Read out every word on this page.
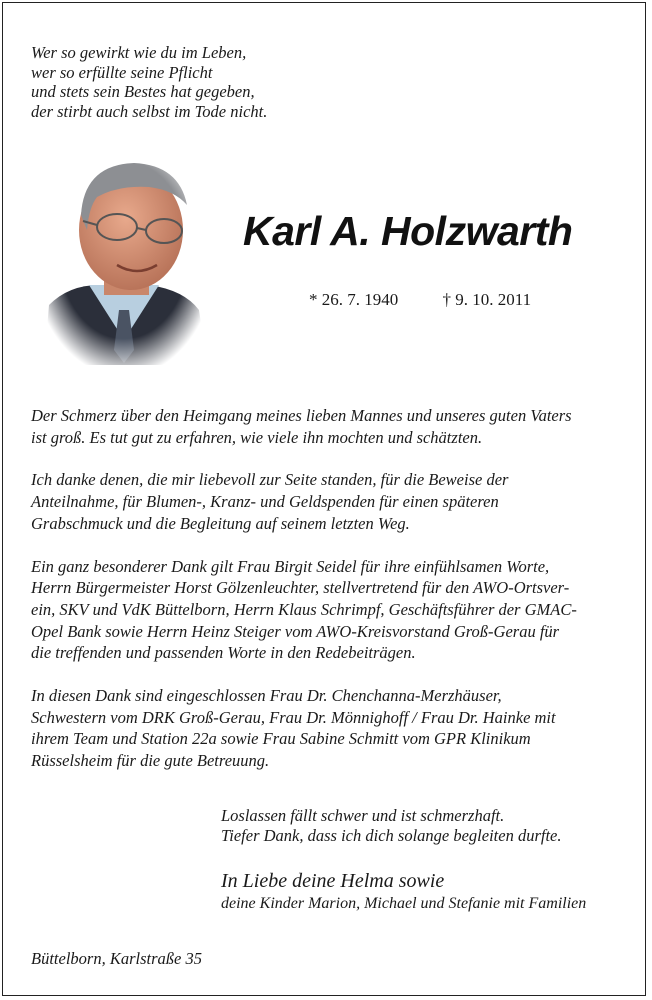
Wer so gewirkt wie du im Leben,
wer so erfüllte seine Pflicht
und stets sein Bestes hat gegeben,
der stirbt auch selbst im Tode nicht.
Karl A. Holzwarth
* 26. 7. 1940	† 9. 10. 2011

Der Schmerz über den Heimgang meines lieben Mannes und unseres guten Vaters
ist groß. Es tut gut zu erfahren, wie viele ihn mochten und schätzten.

Ich danke denen, die mir liebevoll zur Seite standen, für die Beweise der
Anteilnahme, für Blumen-, Kranz- und Geldspenden für einen späteren
Grabschmuck und die Begleitung auf seinem letzten Weg.

Ein ganz besonderer Dank gilt Frau Birgit Seidel für ihre einfühlsamen Worte,
Herrn Bürgermeister Horst Gölzenleuchter, stellvertretend für den AWO-Ortsver-
ein, SKV und VdK Büttelborn, Herrn Klaus Schrimpf, Geschäftsführer der GMAC-
Opel Bank sowie Herrn Heinz Steiger vom AWO-Kreisvorstand Groß-Gerau für
die treffenden und passenden Worte in den Redebeiträgen.

In diesen Dank sind eingeschlossen Frau Dr. Chenchanna-Merzhäuser,
Schwestern vom DRK Groß-Gerau, Frau Dr. Mönnighoff / Frau Dr. Hainke mit
ihrem Team und Station 22a sowie Frau Sabine Schmitt vom GPR Klinikum
Rüsselsheim für die gute Betreuung.

Loslassen fällt schwer und ist schmerzhaft.
Tiefer Dank, dass ich dich solange begleiten durfte.
In Liebe deine Helma sowie
deine Kinder Marion, Michael und Stefanie mit Familien
Büttelborn, Karlstraße 35
